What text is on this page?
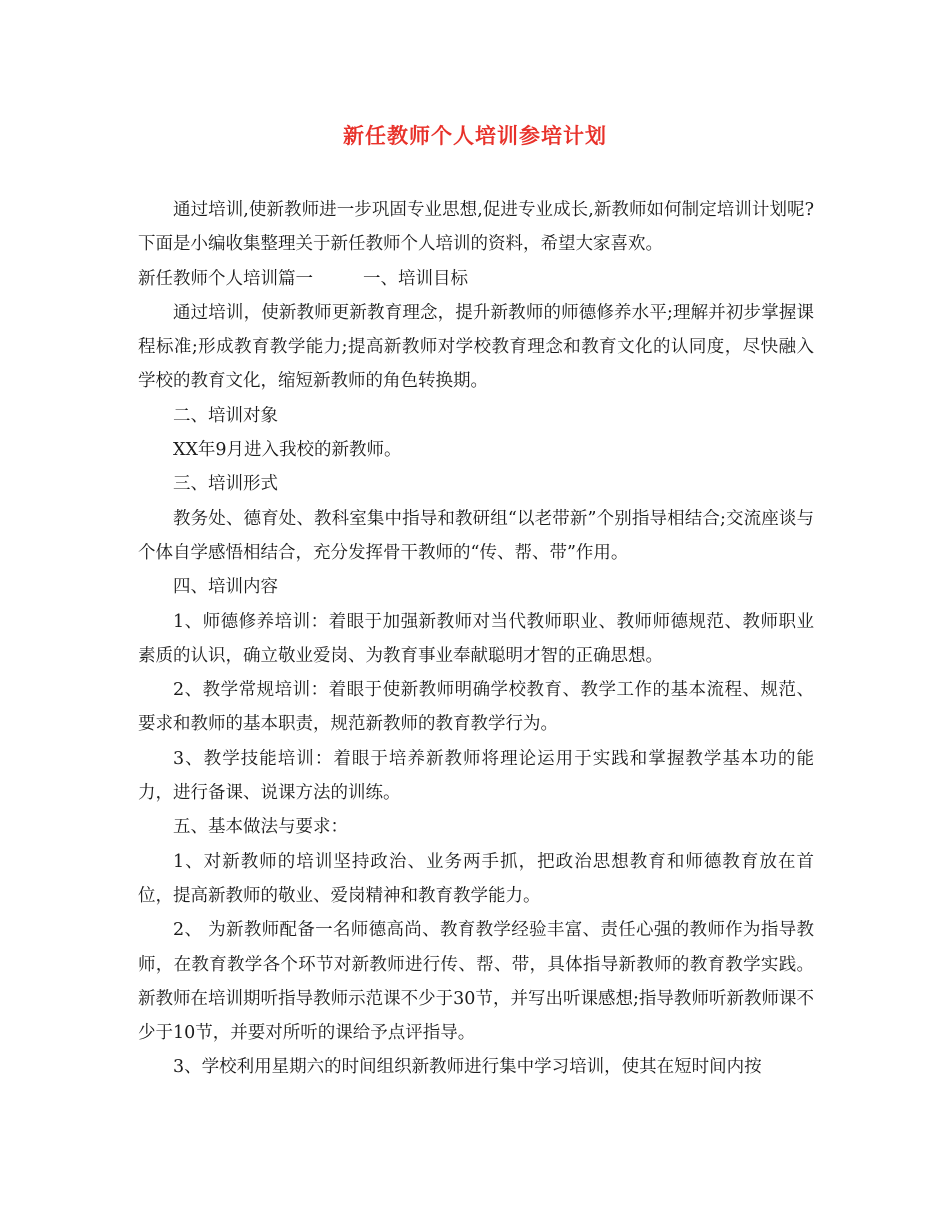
新任教师个人培训参培计划

通过培训,使新教师进一步巩固专业思想,促进专业成长,新教师如何制定培训计划呢?下面是小编收集整理关于新任教师个人培训的资料，希望大家喜欢。

新任教师个人培训篇一	一、培训目标

通过培训，使新教师更新教育理念，提升新教师的师德修养水平;理解并初步掌握课程标准;形成教育教学能力;提高新教师对学校教育理念和教育文化的认同度，尽快融入学校的教育文化，缩短新教师的角色转换期。

二、培训对象

XX年9月进入我校的新教师。

三、培训形式

教务处、德育处、教科室集中指导和教研组“以老带新”个别指导相结合;交流座谈与个体自学感悟相结合，充分发挥骨干教师的“传、帮、带”作用。

四、培训内容

1、师德修养培训：着眼于加强新教师对当代教师职业、教师师德规范、教师职业素质的认识，确立敬业爱岗、为教育事业奉献聪明才智的正确思想。

2、教学常规培训：着眼于使新教师明确学校教育、教学工作的基本流程、规范、要求和教师的基本职责，规范新教师的教育教学行为。

3、教学技能培训：着眼于培养新教师将理论运用于实践和掌握教学基本功的能力，进行备课、说课方法的训练。

五、基本做法与要求：

1、对新教师的培训坚持政治、业务两手抓，把政治思想教育和师德教育放在首位，提高新教师的敬业、爱岗精神和教育教学能力。

2、 为新教师配备一名师德高尚、教育教学经验丰富、责任心强的教师作为指导教师，在教育教学各个环节对新教师进行传、帮、带，具体指导新教师的教育教学实践。 新教师在培训期听指导教师示范课不少于30节，并写出听课感想;指导教师听新教师课不少于10节，并要对所听的课给予点评指导。

3、学校利用星期六的时间组织新教师进行集中学习培训，使其在短时间内按
